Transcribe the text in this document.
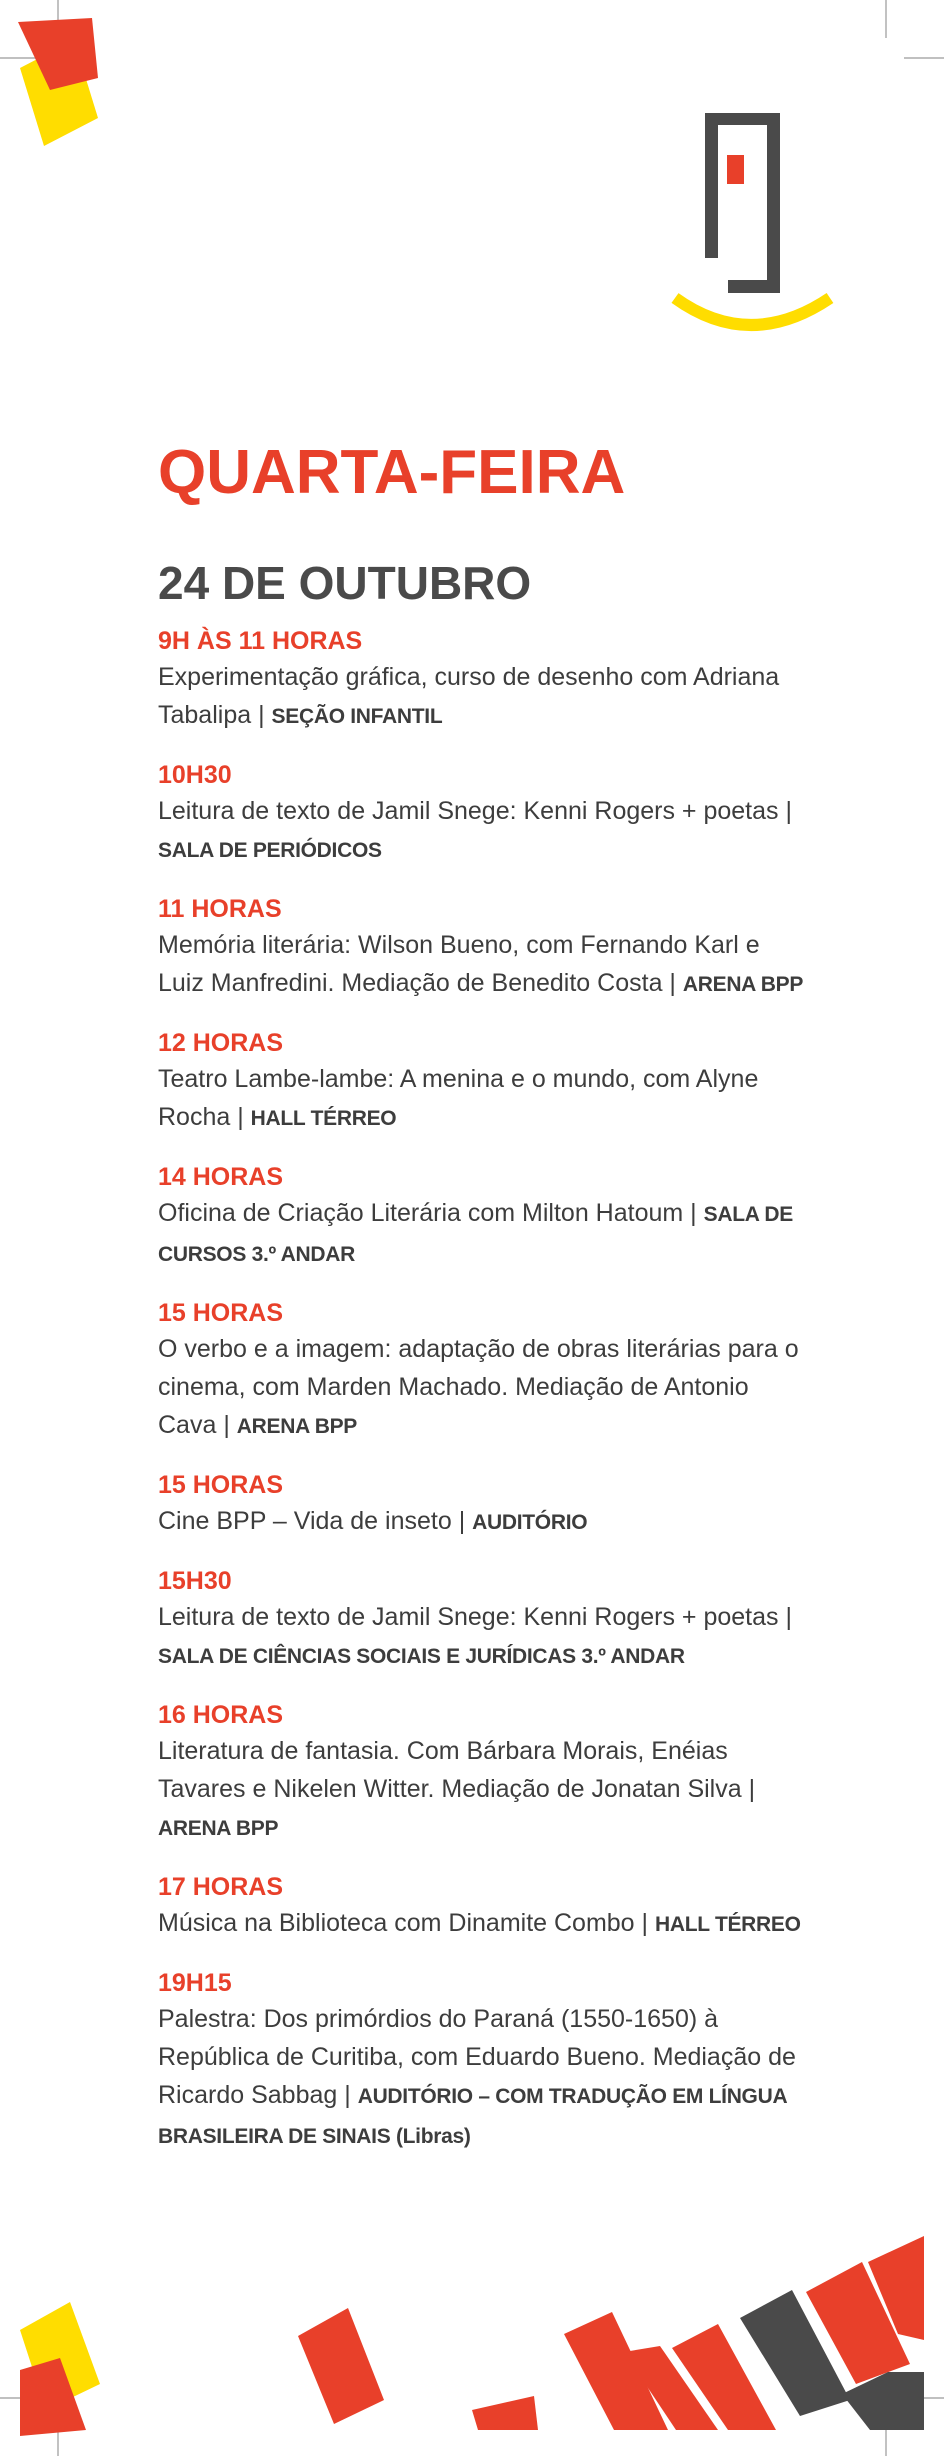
QUARTA-FEIRA
24 DE OUTUBRO
9H ÀS 11 HORAS
Experimentação gráfica, curso de desenho com Adriana Tabalipa | SEÇÃO INFANTIL
10H30
Leitura de texto de Jamil Snege: Kenni Rogers + poetas | SALA DE PERIÓDICOS
11 HORAS
Memória literária: Wilson Bueno, com Fernando Karl e Luiz Manfredini. Mediação de Benedito Costa | ARENA BPP
12 HORAS
Teatro Lambe-lambe: A menina e o mundo, com Alyne Rocha | HALL TÉRREO
14 HORAS
Oficina de Criação Literária com Milton Hatoum | SALA DE CURSOS 3.º ANDAR
15 HORAS
O verbo e a imagem: adaptação de obras literárias para o cinema, com Marden Machado. Mediação de Antonio Cava | ARENA BPP
15 HORAS
Cine BPP – Vida de inseto | AUDITÓRIO
15H30
Leitura de texto de Jamil Snege: Kenni Rogers + poetas | SALA DE CIÊNCIAS SOCIAIS E JURÍDICAS 3.º ANDAR
16 HORAS
Literatura de fantasia. Com Bárbara Morais, Enéias Tavares e Nikelen Witter. Mediação de Jonatan Silva | ARENA BPP
17 HORAS
Música na Biblioteca com Dinamite Combo | HALL TÉRREO
19H15
Palestra: Dos primórdios do Paraná (1550-1650) à República de Curitiba, com Eduardo Bueno. Mediação de Ricardo Sabbag | AUDITÓRIO – COM TRADUÇÃO EM LÍNGUA BRASILEIRA DE SINAIS (Libras)
